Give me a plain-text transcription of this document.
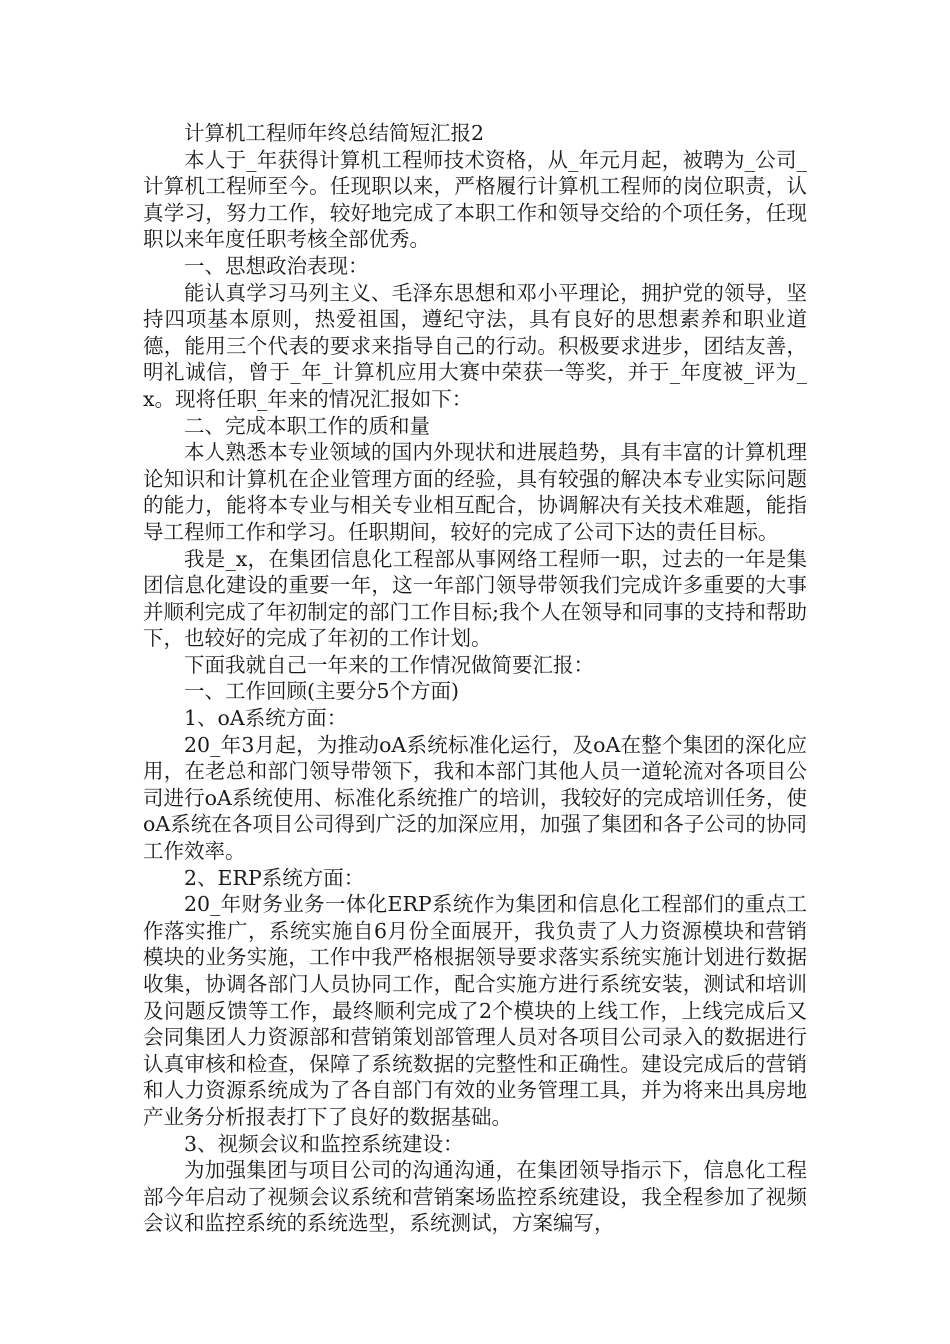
计算机工程师年终总结简短汇报2

本人于_年获得计算机工程师技术资格，从_年元月起，被聘为_公司_计算机工程师至今。任现职以来，严格履行计算机工程师的岗位职责，认真学习，努力工作，较好地完成了本职工作和领导交给的个项任务，任现职以来年度任职考核全部优秀。

一、思想政治表现：

能认真学习马列主义、毛泽东思想和邓小平理论，拥护党的领导，坚持四项基本原则，热爱祖国，遵纪守法，具有良好的思想素养和职业道德，能用三个代表的要求来指导自己的行动。积极要求进步，团结友善，明礼诚信，曾于_年_计算机应用大赛中荣获一等奖，并于_年度被_评为_x。现将任职_年来的情况汇报如下：

二、完成本职工作的质和量

本人熟悉本专业领域的国内外现状和进展趋势，具有丰富的计算机理论知识和计算机在企业管理方面的经验，具有较强的解决本专业实际问题的能力，能将本专业与相关专业相互配合，协调解决有关技术难题，能指导工程师工作和学习。任职期间，较好的完成了公司下达的责任目标。

我是_x，在集团信息化工程部从事网络工程师一职，过去的一年是集团信息化建设的重要一年，这一年部门领导带领我们完成许多重要的大事并顺利完成了年初制定的部门工作目标;我个人在领导和同事的支持和帮助下，也较好的完成了年初的工作计划。

下面我就自己一年来的工作情况做简要汇报：

一、工作回顾(主要分5个方面)

1、oA系统方面：

20_年3月起，为推动oA系统标准化运行，及oA在整个集团的深化应用，在老总和部门领导带领下，我和本部门其他人员一道轮流对各项目公司进行oA系统使用、标准化系统推广的培训，我较好的完成培训任务，使oA系统在各项目公司得到广泛的加深应用，加强了集团和各子公司的协同工作效率。

2、ERP系统方面：

20_年财务业务一体化ERP系统作为集团和信息化工程部们的重点工作落实推广，系统实施自6月份全面展开，我负责了人力资源模块和营销模块的业务实施，工作中我严格根据领导要求落实系统实施计划进行数据收集，协调各部门人员协同工作，配合实施方进行系统安装，测试和培训及问题反馈等工作，最终顺利完成了2个模块的上线工作，上线完成后又会同集团人力资源部和营销策划部管理人员对各项目公司录入的数据进行认真审核和检查，保障了系统数据的完整性和正确性。建设完成后的营销和人力资源系统成为了各自部门有效的业务管理工具，并为将来出具房地产业务分析报表打下了良好的数据基础。

3、视频会议和监控系统建设：

为加强集团与项目公司的沟通沟通，在集团领导指示下，信息化工程部今年启动了视频会议系统和营销案场监控系统建设，我全程参加了视频会议和监控系统的系统选型，系统测试，方案编写，
